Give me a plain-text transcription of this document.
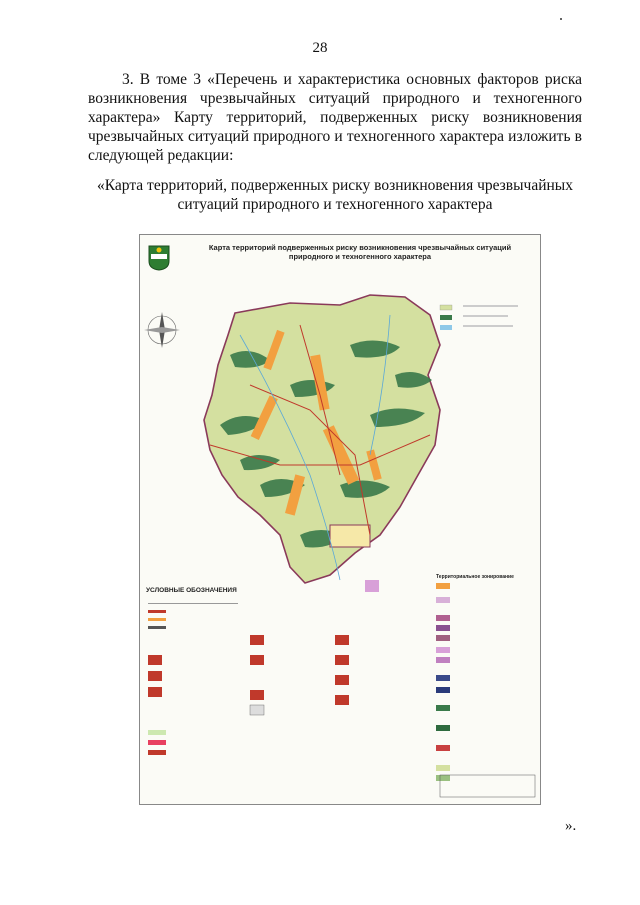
28
3. В томе 3 «Перечень и характеристика основных факторов риска возникновения чрезвычайных ситуаций природного и техногенного характера» Карту территорий, подверженных риску возникновения чрезвычайных ситуаций природного и техногенного характера изложить в следующей редакции:
«Карта территорий, подверженных риску возникновения чрезвычайных ситуаций природного и техногенного характера
Карта территорий подверженных риску возникновения чрезвычайных ситуаций природного и техногенного характера
УСЛОВНЫЕ ОБОЗНАЧЕНИЯ
Территориальное зонирование
».
